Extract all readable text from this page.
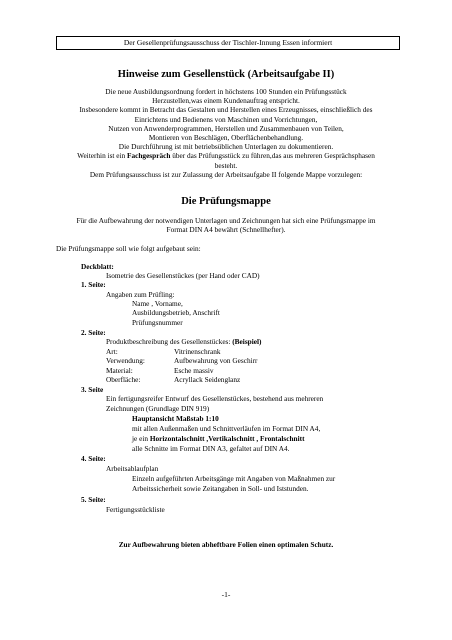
Der Gesellenprüfungsausschuss der Tischler-Innung Essen informiert
Hinweise zum Gesellenstück (Arbeitsaufgabe II)
Die neue Ausbildungsordnung fordert in höchstens 100 Stunden ein Prüfungsstück
Herzustellen,was einem Kundenauftrag entspricht.
Insbesondere kommt in Betracht das Gestalten und Herstellen eines Erzeugnisses, einschließlich des
Einrichtens und Bedienens von Maschinen und Vorrichtungen,
Nutzen von Anwenderprogrammen, Herstellen und Zusammenbauen von Teilen,
Montieren von Beschlägen, Oberflächenbehandlung.
Die Durchführung ist mit betriebsüblichen Unterlagen zu dokumentieren.
Weiterhin ist ein Fachgespräch über das Prüfungsstück zu führen,das aus mehreren Gesprächsphasen
besteht.
Dem Prüfungsausschuss ist zur Zulassung der Arbeitsaufgabe II folgende Mappe vorzulegen:
Die Prüfungsmappe
Für die Aufbewahrung der notwendigen Unterlagen und Zeichnungen hat sich eine Prüfungsmappe im
Format DIN A4 bewährt (Schnellhefter).
Die Prüfungsmappe soll wie folgt aufgebaut sein:
Deckblatt:
Isometrie des Gesellenstückes (per Hand oder CAD)
1. Seite:
Angaben zum Prüfling:
Name , Vorname,
Ausbildungsbetrieb, Anschrift
Prüfungsnummer
2. Seite:
Produktbeschreibung des Gesellenstückes: (Beispiel)
Art:	Vitrinenschrank
Verwendung:	Aufbewahrung von Geschirr
Material:	Esche massiv
Oberfläche:	Acryllack Seidenglanz
3. Seite
Ein fertigungsreifer Entwurf des Gesellenstückes, bestehend aus mehreren
Zeichnungen (Grundlage DIN 919)
Hauptansicht Maßstab 1:10
mit allen Außenmaßen und Schnittverläufen im Format DIN A4,
je ein Horizontalschnitt ,Vertikalschnitt , Frontalschnitt
alle Schnitte im Format DIN A3, gefaltet auf DIN A4.
4. Seite:
Arbeitsablaufplan
Einzeln aufgeführten Arbeitsgänge mit Angaben von Maßnahmen zur
Arbeitssicherheit sowie Zeitangaben in Soll- und Iststunden.
5. Seite:
Fertigungsstückliste
Zur Aufbewahrung bieten abheftbare Folien einen optimalen Schutz.
-1-
